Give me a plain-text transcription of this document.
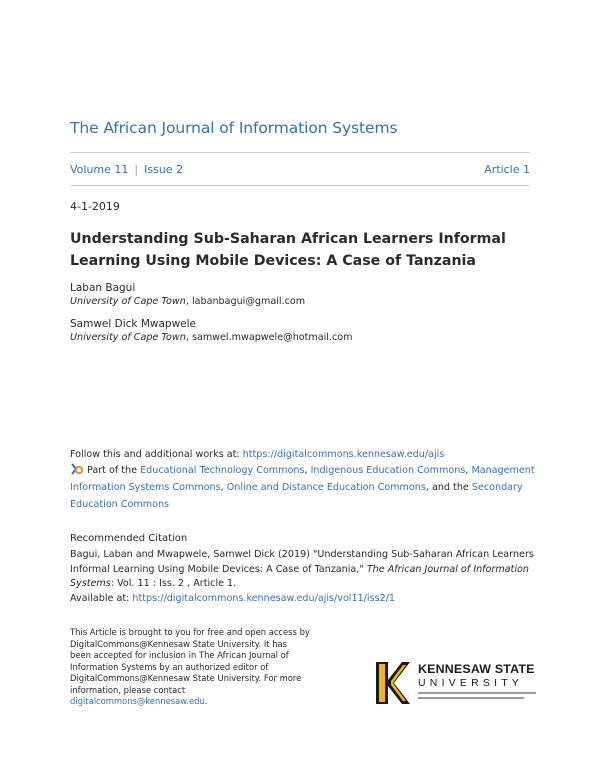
The African Journal of Information Systems
Volume 11 | Issue 2	Article 1
4-1-2019
Understanding Sub-Saharan African Learners Informal Learning Using Mobile Devices: A Case of Tanzania
Laban Bagui
University of Cape Town, labanbagui@gmail.com
Samwel Dick Mwapwele
University of Cape Town, samwel.mwapwele@hotmail.com
Follow this and additional works at: https://digitalcommons.kennesaw.edu/ajis
Part of the Educational Technology Commons, Indigenous Education Commons, Management Information Systems Commons, Online and Distance Education Commons, and the Secondary Education Commons
Recommended Citation
Bagui, Laban and Mwapwele, Samwel Dick (2019) "Understanding Sub-Saharan African Learners Informal Learning Using Mobile Devices: A Case of Tanzania," The African Journal of Information Systems: Vol. 11 : Iss. 2 , Article 1.
Available at: https://digitalcommons.kennesaw.edu/ajis/vol11/iss2/1
This Article is brought to you for free and open access by DigitalCommons@Kennesaw State University. It has been accepted for inclusion in The African Journal of Information Systems by an authorized editor of DigitalCommons@Kennesaw State University. For more information, please contact digitalcommons@kennesaw.edu.
KENNESAW STATE
UNIVERSITY
